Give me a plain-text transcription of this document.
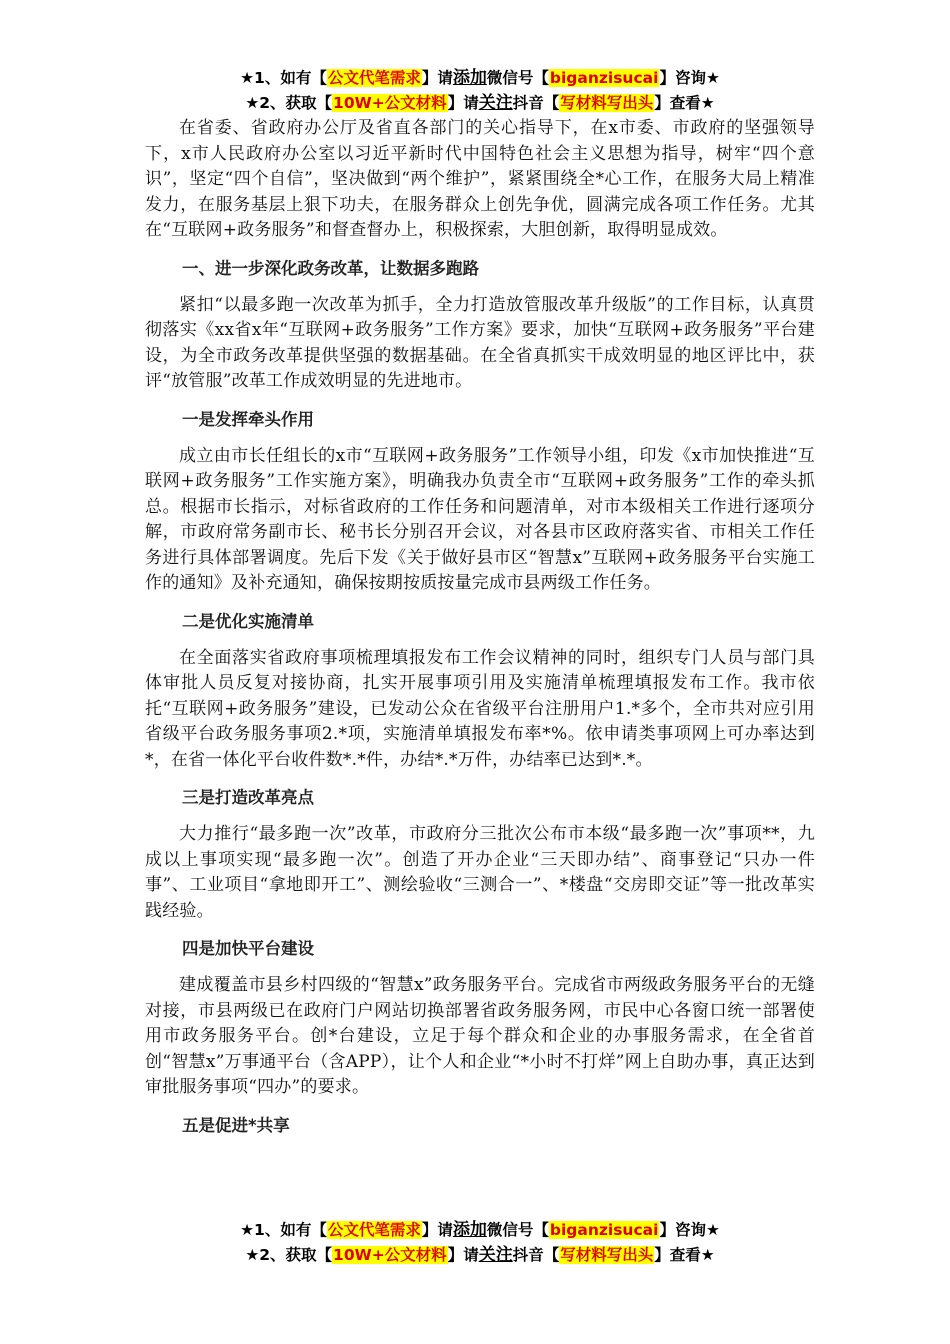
★1、如有【公文代笔需求】请添加微信号【biganzisucai】咨询★
★2、获取【10W+公文材料】请关注抖音【写材料写出头】查看★

在省委、省政府办公厅及省直各部门的关心指导下，在x市委、市政府的坚强领导下，x市人民政府办公室以习近平新时代中国特色社会主义思想为指导，树牢“四个意识”，坚定“四个自信”，坚决做到“两个维护”，紧紧围绕全*心工作，在服务大局上精准发力，在服务基层上狠下功夫，在服务群众上创先争优，圆满完成各项工作任务。尤其在“互联网+政务服务”和督查督办上，积极探索，大胆创新，取得明显成效。

一、进一步深化政务改革，让数据多跑路

紧扣“以最多跑一次改革为抓手，全力打造放管服改革升级版”的工作目标，认真贯彻落实《xx省x年“互联网+政务服务”工作方案》要求，加快“互联网+政务服务”平台建设，为全市政务改革提供坚强的数据基础。在全省真抓实干成效明显的地区评比中，获评“放管服”改革工作成效明显的先进地市。

一是发挥牵头作用

成立由市长任组长的x市“互联网+政务服务”工作领导小组，印发《x市加快推进“互联网+政务服务”工作实施方案》，明确我办负责全市“互联网+政务服务”工作的牵头抓总。根据市长指示，对标省政府的工作任务和问题清单，对市本级相关工作进行逐项分解，市政府常务副市长、秘书长分别召开会议，对各县市区政府落实省、市相关工作任务进行具体部署调度。先后下发《关于做好县市区“智慧x”互联网+政务服务平台实施工作的通知》及补充通知，确保按期按质按量完成市县两级工作任务。

二是优化实施清单

在全面落实省政府事项梳理填报发布工作会议精神的同时，组织专门人员与部门具体审批人员反复对接协商，扎实开展事项引用及实施清单梳理填报发布工作。我市依托“互联网+政务服务”建设，已发动公众在省级平台注册用户1.*多个，全市共对应引用省级平台政务服务事项2.*项，实施清单填报发布率*%。依申请类事项网上可办率达到*，在省一体化平台收件数*.*件，办结*.*万件，办结率已达到*.*。

三是打造改革亮点

大力推行“最多跑一次”改革，市政府分三批次公布市本级“最多跑一次”事项**，九成以上事项实现“最多跑一次”。创造了开办企业“三天即办结”、商事登记“只办一件事”、工业项目“拿地即开工”、测绘验收“三测合一”、*楼盘“交房即交证”等一批改革实践经验。

四是加快平台建设

建成覆盖市县乡村四级的“智慧x”政务服务平台。完成省市两级政务服务平台的无缝对接，市县两级已在政府门户网站切换部署省政务服务网，市民中心各窗口统一部署使用市政务服务平台。创*台建设，立足于每个群众和企业的办事服务需求，在全省首创“智慧x”万事通平台（含APP），让个人和企业“*小时不打烊”网上自助办事，真正达到审批服务事项“四办”的要求。

五是促进*共享
★1、如有【公文代笔需求】请添加微信号【biganzisucai】咨询★
★2、获取【10W+公文材料】请关注抖音【写材料写出头】查看★
